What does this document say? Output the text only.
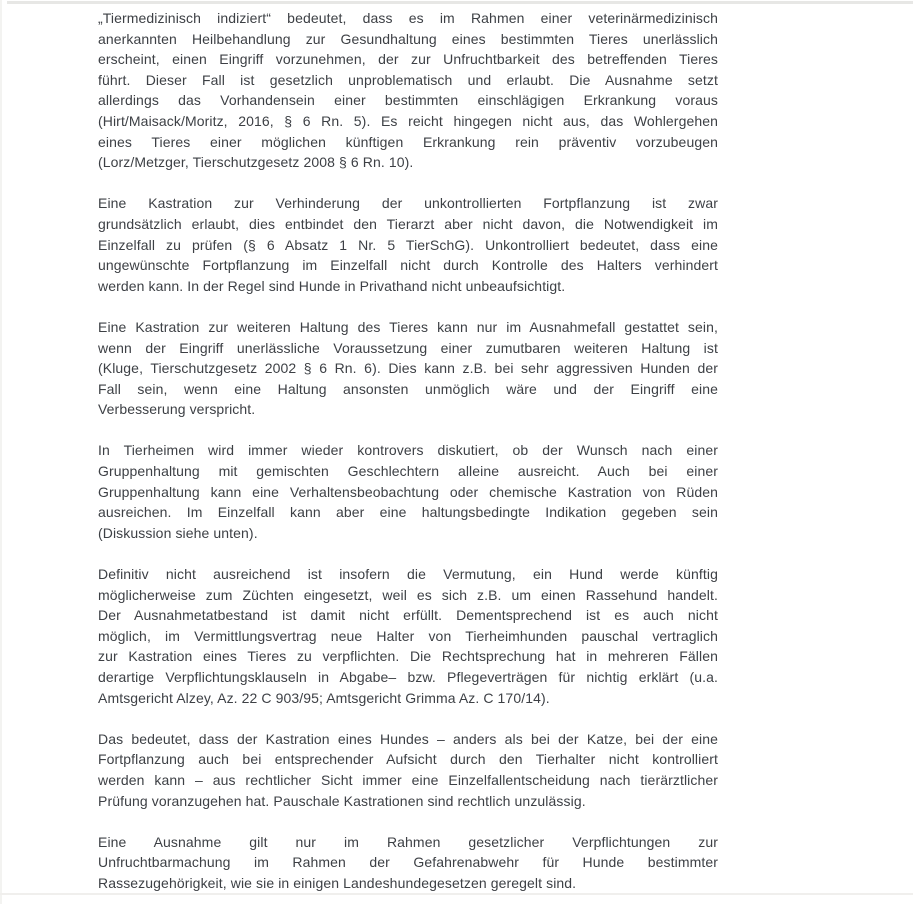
„Tiermedizinisch indiziert“ bedeutet, dass es im Rahmen einer veterinärmedizinisch
anerkannten Heilbehandlung zur Gesundhaltung eines bestimmten Tieres unerlässlich
erscheint, einen Eingriff vorzunehmen, der zur Unfruchtbarkeit des betreffenden Tieres
führt. Dieser Fall ist gesetzlich unproblematisch und erlaubt. Die Ausnahme setzt
allerdings das Vorhandensein einer bestimmten einschlägigen Erkrankung voraus
(Hirt/Maisack/Moritz, 2016, § 6 Rn. 5). Es reicht hingegen nicht aus, das Wohlergehen
eines Tieres einer möglichen künftigen Erkrankung rein präventiv vorzubeugen
(Lorz/Metzger, Tierschutzgesetz 2008 § 6 Rn. 10).
Eine Kastration zur Verhinderung der unkontrollierten Fortpflanzung ist zwar
grundsätzlich erlaubt, dies entbindet den Tierarzt aber nicht davon, die Notwendigkeit im
Einzelfall zu prüfen (§ 6 Absatz 1 Nr. 5 TierSchG). Unkontrolliert bedeutet, dass eine
ungewünschte Fortpflanzung im Einzelfall nicht durch Kontrolle des Halters verhindert
werden kann. In der Regel sind Hunde in Privathand nicht unbeaufsichtigt.
Eine Kastration zur weiteren Haltung des Tieres kann nur im Ausnahmefall gestattet sein,
wenn der Eingriff unerlässliche Voraussetzung einer zumutbaren weiteren Haltung ist
(Kluge, Tierschutzgesetz 2002 § 6 Rn. 6). Dies kann z.B. bei sehr aggressiven Hunden der
Fall sein, wenn eine Haltung ansonsten unmöglich wäre und der Eingriff eine
Verbesserung verspricht.
In Tierheimen wird immer wieder kontrovers diskutiert, ob der Wunsch nach einer
Gruppenhaltung mit gemischten Geschlechtern alleine ausreicht. Auch bei einer
Gruppenhaltung kann eine Verhaltensbeobachtung oder chemische Kastration von Rüden
ausreichen. Im Einzelfall kann aber eine haltungsbedingte Indikation gegeben sein
(Diskussion siehe unten).
Definitiv nicht ausreichend ist insofern die Vermutung, ein Hund werde künftig
möglicherweise zum Züchten eingesetzt, weil es sich z.B. um einen Rassehund handelt.
Der Ausnahmetatbestand ist damit nicht erfüllt. Dementsprechend ist es auch nicht
möglich, im Vermittlungsvertrag neue Halter von Tierheimhunden pauschal vertraglich
zur Kastration eines Tieres zu verpflichten. Die Rechtsprechung hat in mehreren Fällen
derartige Verpflichtungsklauseln in Abgabe– bzw. Pflegeverträgen für nichtig erklärt (u.a.
Amtsgericht Alzey, Az. 22 C 903/95; Amtsgericht Grimma Az. C 170/14).
Das bedeutet, dass der Kastration eines Hundes – anders als bei der Katze, bei der eine
Fortpflanzung auch bei entsprechender Aufsicht durch den Tierhalter nicht kontrolliert
werden kann – aus rechtlicher Sicht immer eine Einzelfallentscheidung nach tierärztlicher
Prüfung voranzugehen hat. Pauschale Kastrationen sind rechtlich unzulässig.
Eine Ausnahme gilt nur im Rahmen gesetzlicher Verpflichtungen zur
Unfruchtbarmachung im Rahmen der Gefahrenabwehr für Hunde bestimmter
Rassezugehörigkeit, wie sie in einigen Landeshundegesetzen geregelt sind.
